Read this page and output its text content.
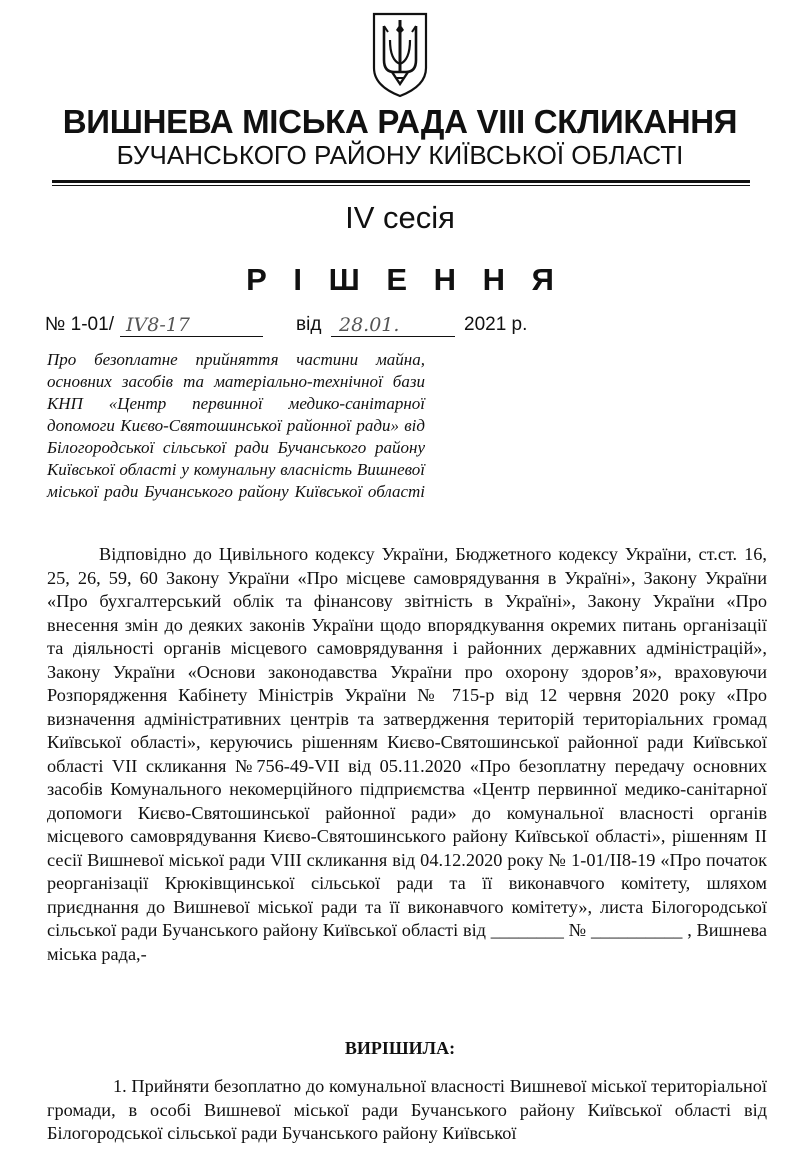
ВИШНЕВА МІСЬКА РАДА VIII СКЛИКАННЯ
БУЧАНСЬКОГО РАЙОНУ КИЇВСЬКОЇ ОБЛАСТІ
IV сесія
Р І Ш Е Н Н Я
№ 1-01/ IV8-17	від 28.01.	2021 р.
Про безоплатне прийняття частини майна, основних засобів та матеріально-технічної бази КНП «Центр первинної медико-санітарної допомоги Києво-Святошинської районної ради» від Білогородської сільської ради Бучанського району Київської області у комунальну власність Вишневої міської ради Бучанського району Київської області

Відповідно до Цивільного кодексу України, Бюджетного кодексу України, ст.ст. 16, 25, 26, 59, 60 Закону України «Про місцеве самоврядування в Україні», Закону України «Про бухгалтерський облік та фінансову звітність в Україні», Закону України «Про внесення змін до деяких законів України щодо впорядкування окремих питань організації та діяльності органів місцевого самоврядування і районних державних адміністрацій», Закону України «Основи законодавства України про охорону здоров’я», враховуючи Розпорядження Кабінету Міністрів України № 715-р від 12 червня 2020 року «Про визначення адміністративних центрів та затвердження територій територіальних громад Київської області», керуючись рішенням Києво-Святошинської районної ради Київської області VII скликання №756-49-VII від 05.11.2020 «Про безоплатну передачу основних засобів Комунального некомерційного підприємства «Центр первинної медико-санітарної допомоги Києво-Святошинської районної ради» до комунальної власності органів місцевого самоврядування Києво-Святошинського району Київської області», рішенням II сесії Вишневої міської ради VIII скликання від 04.12.2020 року № 1-01/II8-19 «Про початок реорганізації Крюківщинської сільської ради та її виконавчого комітету, шляхом приєднання до Вишневої міської ради та її виконавчого комітету», листа Білогородської сільської ради Бучанського району Київської області від ________ № __________ , Вишнева міська рада,-

ВИРІШИЛА:

1. Прийняти безоплатно до комунальної власності Вишневої міської територіальної громади, в особі Вишневої міської ради Бучанського району Київської області від Білогородської сільської ради Бучанського району Київської
